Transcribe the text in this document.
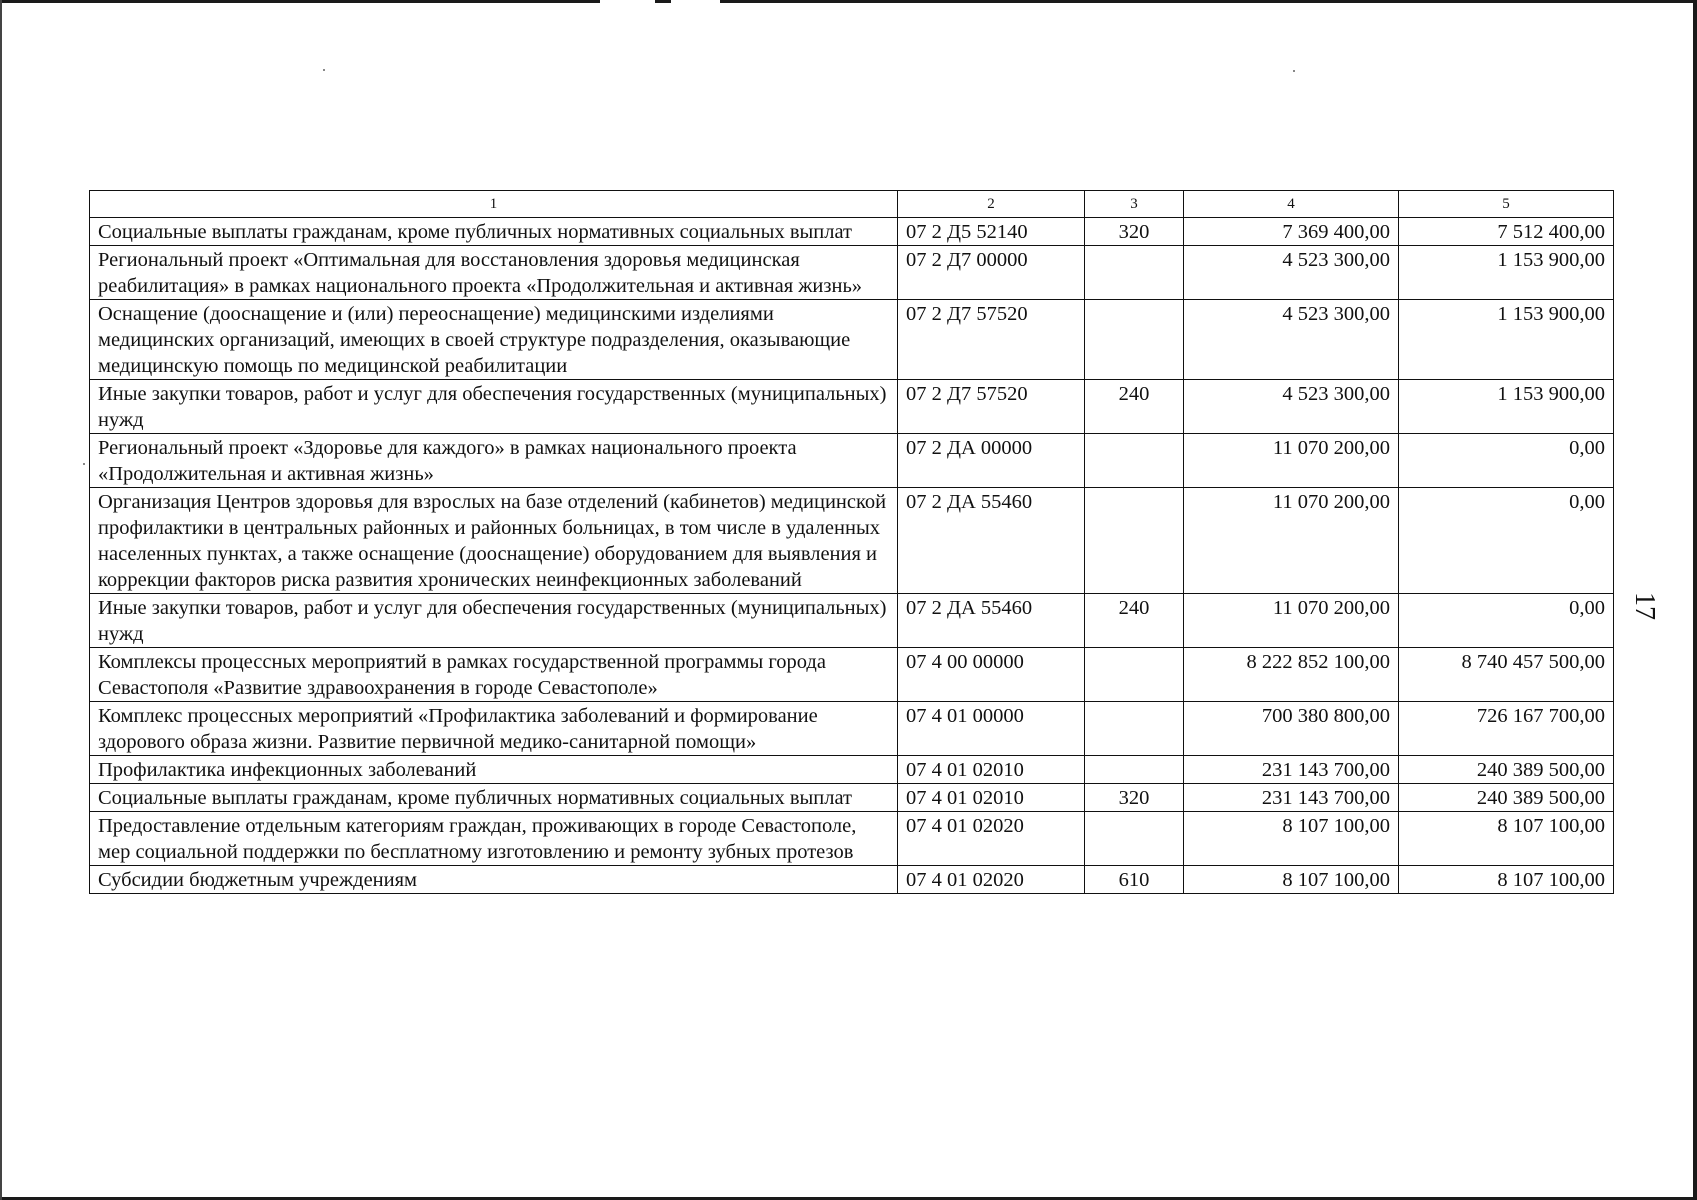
1	2	3	4	5
Социальные выплаты гражданам, кроме публичных нормативных социальных выплат	07 2 Д5 52140	320	7 369 400,00	7 512 400,00
Региональный проект «Оптимальная для восстановления здоровья медицинская реабилитация» в рамках национального проекта «Продолжительная и активная жизнь»	07 2 Д7 00000		4 523 300,00	1 153 900,00
Оснащение (дооснащение и (или) переоснащение) медицинскими изделиями медицинских организаций, имеющих в своей структуре подразделения, оказывающие медицинскую помощь по медицинской реабилитации	07 2 Д7 57520		4 523 300,00	1 153 900,00
Иные закупки товаров, работ и услуг для обеспечения государственных (муниципальных) нужд	07 2 Д7 57520	240	4 523 300,00	1 153 900,00
Региональный проект «Здоровье для каждого» в рамках национального проекта «Продолжительная и активная жизнь»	07 2 ДА 00000		11 070 200,00	0,00
Организация Центров здоровья для взрослых на базе отделений (кабинетов) медицинской профилактики в центральных районных и районных больницах, в том числе в удаленных населенных пунктах, а также оснащение (дооснащение) оборудованием для выявления и коррекции факторов риска развития хронических неинфекционных заболеваний	07 2 ДА 55460		11 070 200,00	0,00
Иные закупки товаров, работ и услуг для обеспечения государственных (муниципальных) нужд	07 2 ДА 55460	240	11 070 200,00	0,00
Комплексы процессных мероприятий в рамках государственной программы города Севастополя «Развитие здравоохранения в городе Севастополе»	07 4 00 00000		8 222 852 100,00	8 740 457 500,00
Комплекс процессных мероприятий «Профилактика заболеваний и формирование здорового образа жизни. Развитие первичной медико-санитарной помощи»	07 4 01 00000		700 380 800,00	726 167 700,00
Профилактика инфекционных заболеваний	07 4 01 02010		231 143 700,00	240 389 500,00
Социальные выплаты гражданам, кроме публичных нормативных социальных выплат	07 4 01 02010	320	231 143 700,00	240 389 500,00
Предоставление отдельным категориям граждан, проживающих в городе Севастополе, мер социальной поддержки по бесплатному изготовлению и ремонту зубных протезов	07 4 01 02020		8 107 100,00	8 107 100,00
Субсидии бюджетным учреждениям	07 4 01 02020	610	8 107 100,00	8 107 100,00
17
